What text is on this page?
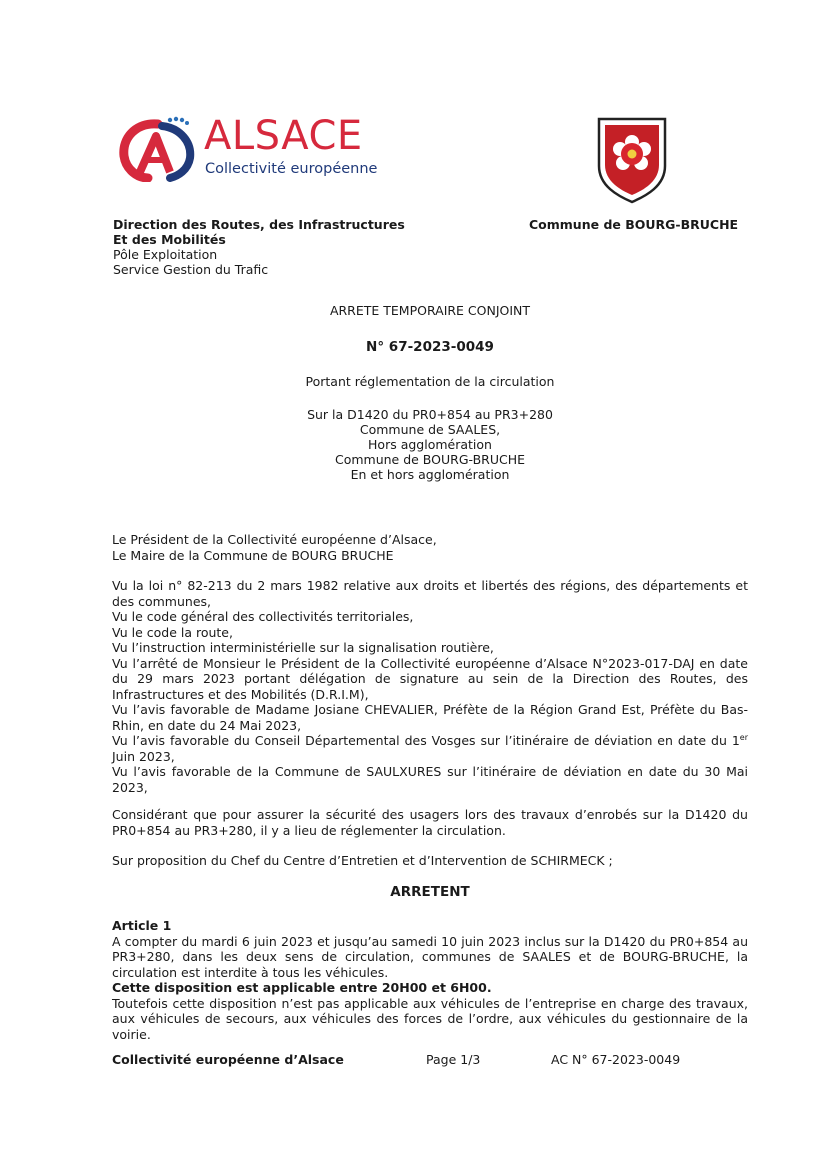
ALSACE
Collectivité européenne
Direction des Routes, des Infrastructures
Et des Mobilités
Pôle Exploitation
Service Gestion du Trafic
Commune de BOURG-BRUCHE
ARRETE TEMPORAIRE CONJOINT
N° 67-2023-0049
Portant réglementation de la circulation
Sur la D1420 du PR0+854 au PR3+280
Commune de SAALES,
Hors agglomération
Commune de BOURG-BRUCHE
En et hors agglomération
Le Président de la Collectivité européenne d’Alsace,
Le Maire de la Commune de BOURG BRUCHE
Vu la loi n° 82-213 du 2 mars 1982 relative aux droits et libertés des régions, des départements et des communes,
Vu le code général des collectivités territoriales,
Vu le code la route,
Vu l’instruction interministérielle sur la signalisation routière,
Vu l’arrêté de Monsieur le Président de la Collectivité européenne d’Alsace N°2023-017-DAJ en date du 29 mars 2023 portant délégation de signature au sein de la Direction des Routes, des Infrastructures et des Mobilités (D.R.I.M),
Vu l’avis favorable de Madame Josiane CHEVALIER, Préfète de la Région Grand Est, Préfète du Bas-Rhin, en date du 24 Mai 2023,
Vu l’avis favorable du Conseil Départemental des Vosges sur l’itinéraire de déviation en date du 1er Juin 2023,
Vu l’avis favorable de la Commune de SAULXURES sur l’itinéraire de déviation en date du 30 Mai 2023,
Considérant que pour assurer la sécurité des usagers lors des travaux d’enrobés sur la D1420 du PR0+854 au PR3+280, il y a lieu de réglementer la circulation.
Sur proposition du Chef du Centre d’Entretien et d’Intervention de SCHIRMECK ;
ARRETENT
Article 1
A compter du mardi 6 juin 2023 et jusqu’au samedi 10 juin 2023 inclus sur la D1420 du PR0+854 au PR3+280, dans les deux sens de circulation, communes de SAALES et de BOURG-BRUCHE, la circulation est interdite à tous les véhicules.
Cette disposition est applicable entre 20H00 et 6H00.
Toutefois cette disposition n’est pas applicable aux véhicules de l’entreprise en charge des travaux, aux véhicules de secours, aux véhicules des forces de l’ordre, aux véhicules du gestionnaire de la voirie.
Collectivité européenne d’Alsace	Page 1/3	AC N° 67-2023-0049
